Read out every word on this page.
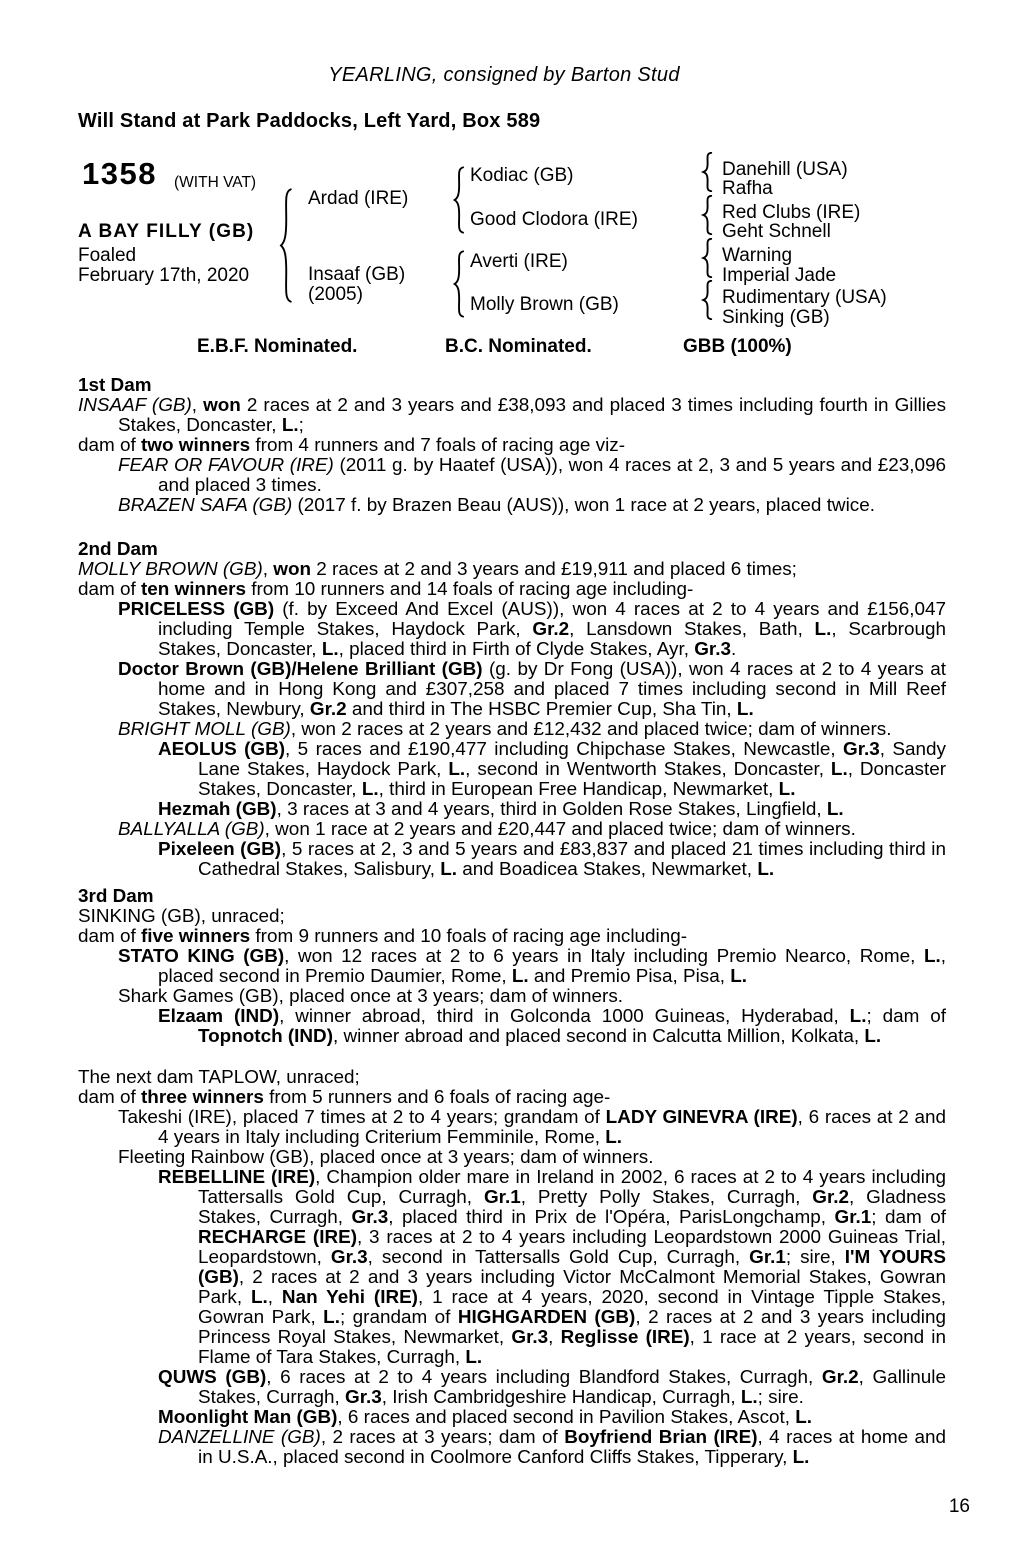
YEARLING, consigned by Barton Stud
Will Stand at Park Paddocks, Left Yard, Box 589
1358 (WITH VAT)
A BAY FILLY (GB)
Foaled
February 17th, 2020
Ardad (IRE)
Insaaf (GB)
(2005)
Kodiac (GB)
Good Clodora (IRE)
Averti (IRE)
Molly Brown (GB)
Danehill (USA)
Rafha
Red Clubs (IRE)
Geht Schnell
Warning
Imperial Jade
Rudimentary (USA)
Sinking (GB)
E.B.F. Nominated.	B.C. Nominated.	GBB (100%)
1st Dam
INSAAF (GB), won 2 races at 2 and 3 years and £38,093 and placed 3 times including fourth in Gillies Stakes, Doncaster, L.;
dam of two winners from 4 runners and 7 foals of racing age viz-
FEAR OR FAVOUR (IRE) (2011 g. by Haatef (USA)), won 4 races at 2, 3 and 5 years and £23,096 and placed 3 times.
BRAZEN SAFA (GB) (2017 f. by Brazen Beau (AUS)), won 1 race at 2 years, placed twice.
2nd Dam
MOLLY BROWN (GB), won 2 races at 2 and 3 years and £19,911 and placed 6 times;
dam of ten winners from 10 runners and 14 foals of racing age including-
PRICELESS (GB) (f. by Exceed And Excel (AUS)), won 4 races at 2 to 4 years and £156,047 including Temple Stakes, Haydock Park, Gr.2, Lansdown Stakes, Bath, L., Scarbrough Stakes, Doncaster, L., placed third in Firth of Clyde Stakes, Ayr, Gr.3.
Doctor Brown (GB)/Helene Brilliant (GB) (g. by Dr Fong (USA)), won 4 races at 2 to 4 years at home and in Hong Kong and £307,258 and placed 7 times including second in Mill Reef Stakes, Newbury, Gr.2 and third in The HSBC Premier Cup, Sha Tin, L.
BRIGHT MOLL (GB), won 2 races at 2 years and £12,432 and placed twice; dam of winners.
AEOLUS (GB), 5 races and £190,477 including Chipchase Stakes, Newcastle, Gr.3, Sandy Lane Stakes, Haydock Park, L., second in Wentworth Stakes, Doncaster, L., Doncaster Stakes, Doncaster, L., third in European Free Handicap, Newmarket, L.
Hezmah (GB), 3 races at 3 and 4 years, third in Golden Rose Stakes, Lingfield, L.
BALLYALLA (GB), won 1 race at 2 years and £20,447 and placed twice; dam of winners.
Pixeleen (GB), 5 races at 2, 3 and 5 years and £83,837 and placed 21 times including third in Cathedral Stakes, Salisbury, L. and Boadicea Stakes, Newmarket, L.
3rd Dam
SINKING (GB), unraced;
dam of five winners from 9 runners and 10 foals of racing age including-
STATO KING (GB), won 12 races at 2 to 6 years in Italy including Premio Nearco, Rome, L., placed second in Premio Daumier, Rome, L. and Premio Pisa, Pisa, L.
Shark Games (GB), placed once at 3 years; dam of winners.
Elzaam (IND), winner abroad, third in Golconda 1000 Guineas, Hyderabad, L.; dam of Topnotch (IND), winner abroad and placed second in Calcutta Million, Kolkata, L.
The next dam TAPLOW, unraced;
dam of three winners from 5 runners and 6 foals of racing age-
Takeshi (IRE), placed 7 times at 2 to 4 years; grandam of LADY GINEVRA (IRE), 6 races at 2 and 4 years in Italy including Criterium Femminile, Rome, L.
Fleeting Rainbow (GB), placed once at 3 years; dam of winners.
REBELLINE (IRE), Champion older mare in Ireland in 2002, 6 races at 2 to 4 years including Tattersalls Gold Cup, Curragh, Gr.1, Pretty Polly Stakes, Curragh, Gr.2, Gladness Stakes, Curragh, Gr.3, placed third in Prix de l'Opéra, ParisLongchamp, Gr.1; dam of RECHARGE (IRE), 3 races at 2 to 4 years including Leopardstown 2000 Guineas Trial, Leopardstown, Gr.3, second in Tattersalls Gold Cup, Curragh, Gr.1; sire, I'M YOURS (GB), 2 races at 2 and 3 years including Victor McCalmont Memorial Stakes, Gowran Park, L., Nan Yehi (IRE), 1 race at 4 years, 2020, second in Vintage Tipple Stakes, Gowran Park, L.; grandam of HIGHGARDEN (GB), 2 races at 2 and 3 years including Princess Royal Stakes, Newmarket, Gr.3, Reglisse (IRE), 1 race at 2 years, second in Flame of Tara Stakes, Curragh, L.
QUWS (GB), 6 races at 2 to 4 years including Blandford Stakes, Curragh, Gr.2, Gallinule Stakes, Curragh, Gr.3, Irish Cambridgeshire Handicap, Curragh, L.; sire.
Moonlight Man (GB), 6 races and placed second in Pavilion Stakes, Ascot, L.
DANZELLINE (GB), 2 races at 3 years; dam of Boyfriend Brian (IRE), 4 races at home and in U.S.A., placed second in Coolmore Canford Cliffs Stakes, Tipperary, L.
16
